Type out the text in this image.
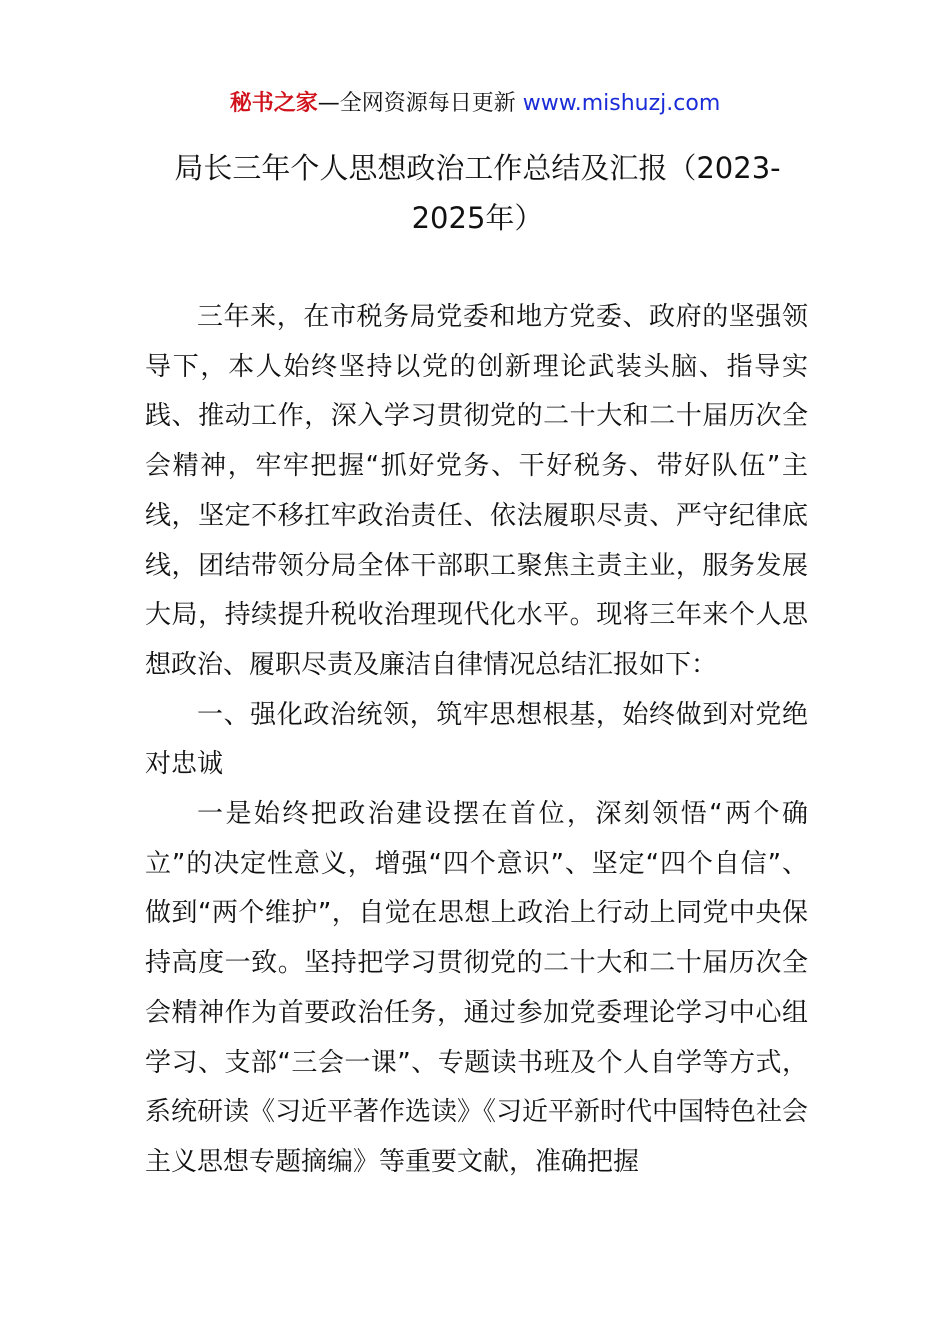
秘书之家—全网资源每日更新 www.mishuzj.com
局长三年个人思想政治工作总结及汇报（2023-2025年）

三年来，在市税务局党委和地方党委、政府的坚强领导下，本人始终坚持以党的创新理论武装头脑、指导实践、推动工作，深入学习贯彻党的二十大和二十届历次全会精神，牢牢把握“抓好党务、干好税务、带好队伍”主线，坚定不移扛牢政治责任、依法履职尽责、严守纪律底线，团结带领分局全体干部职工聚焦主责主业，服务发展大局，持续提升税收治理现代化水平。现将三年来个人思想政治、履职尽责及廉洁自律情况总结汇报如下：

一、强化政治统领，筑牢思想根基，始终做到对党绝对忠诚

一是始终把政治建设摆在首位，深刻领悟“两个确立”的决定性意义，增强“四个意识”、坚定“四个自信”、做到“两个维护”，自觉在思想上政治上行动上同党中央保持高度一致。坚持把学习贯彻党的二十大和二十届历次全会精神作为首要政治任务，通过参加党委理论学习中心组学习、支部“三会一课”、专题读书班及个人自学等方式，系统研读《习近平著作选读》《习近平新时代中国特色社会主义思想专题摘编》等重要文献，准确把握
